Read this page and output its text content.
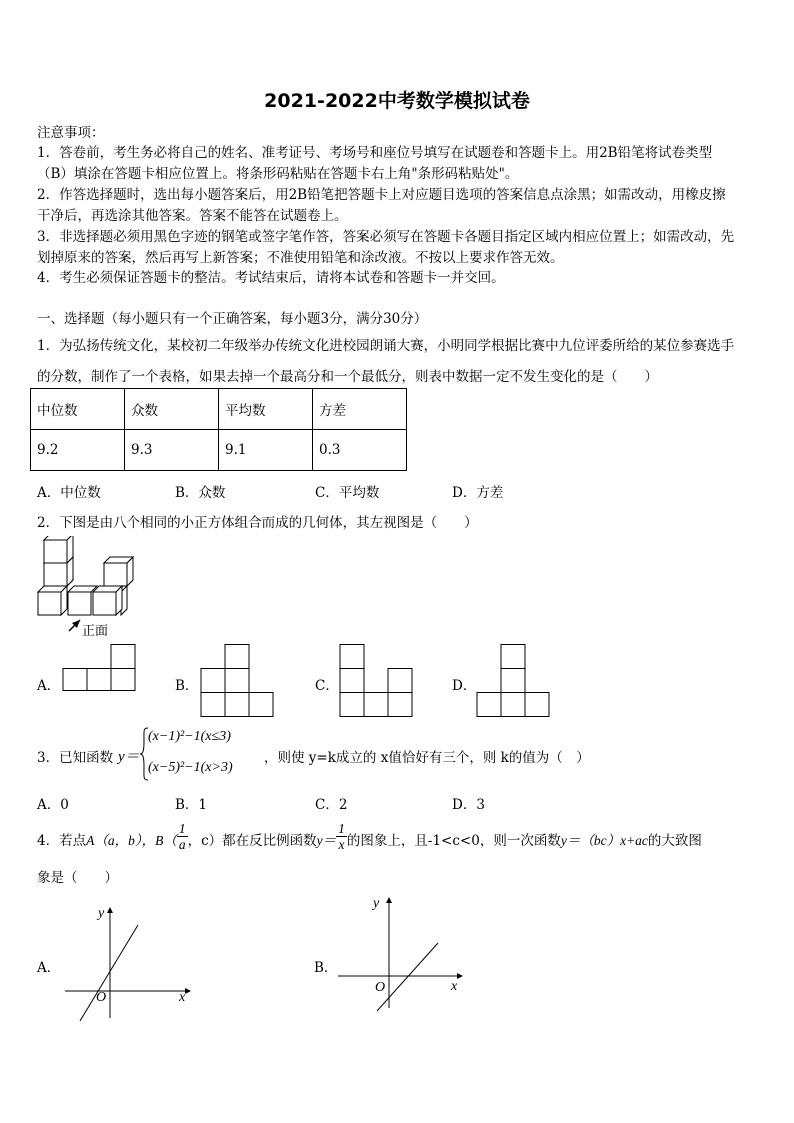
2021-2022中考数学模拟试卷
注意事项：
1．答卷前，考生务必将自己的姓名、准考证号、考场号和座位号填写在试题卷和答题卡上。用2B铅笔将试卷类型
（B）填涂在答题卡相应位置上。将条形码粘贴在答题卡右上角"条形码粘贴处"。
2．作答选择题时，选出每小题答案后，用2B铅笔把答题卡上对应题目选项的答案信息点涂黑；如需改动，用橡皮擦
干净后，再选涂其他答案。答案不能答在试题卷上。
3．非选择题必须用黑色字迹的钢笔或签字笔作答，答案必须写在答题卡各题目指定区域内相应位置上；如需改动，先
划掉原来的答案，然后再写上新答案；不准使用铅笔和涂改液。不按以上要求作答无效。
4．考生必须保证答题卡的整洁。考试结束后，请将本试卷和答题卡一并交回。
一、选择题（每小题只有一个正确答案，每小题3分，满分30分）
1．为弘扬传统文化，某校初二年级举办传统文化进校园朗诵大赛，小明同学根据比赛中九位评委所给的某位参赛选手
的分数，制作了一个表格，如果去掉一个最高分和一个最低分，则表中数据一定不发生变化的是（　　）
中位数	众数	平均数	方差
9.2	9.3	9.1	0.3
A．中位数	B．众数	C．平均数	D．方差
2．下图是由八个相同的小正方体组合而成的几何体，其左视图是（　　）
正面
A．	B．	C．	D．
3．已知函数 y＝
(x−1)²−1(x≤3)
(x−5)²−1(x>3)
，则使 y=k成立的 x值恰好有三个，则 k的值为（　）
A．0	B．1	C．2	D．3
4．若点A（a，b），$B( \frac{1}{a}$ ，c）都在反比例函数$y= \frac{1}{x}$ 的图象上，且-1<c<0，则一次函数y＝（bc）x+ac的大致图
象是（　　）
A．
x
y
O
B．
x
y
O
